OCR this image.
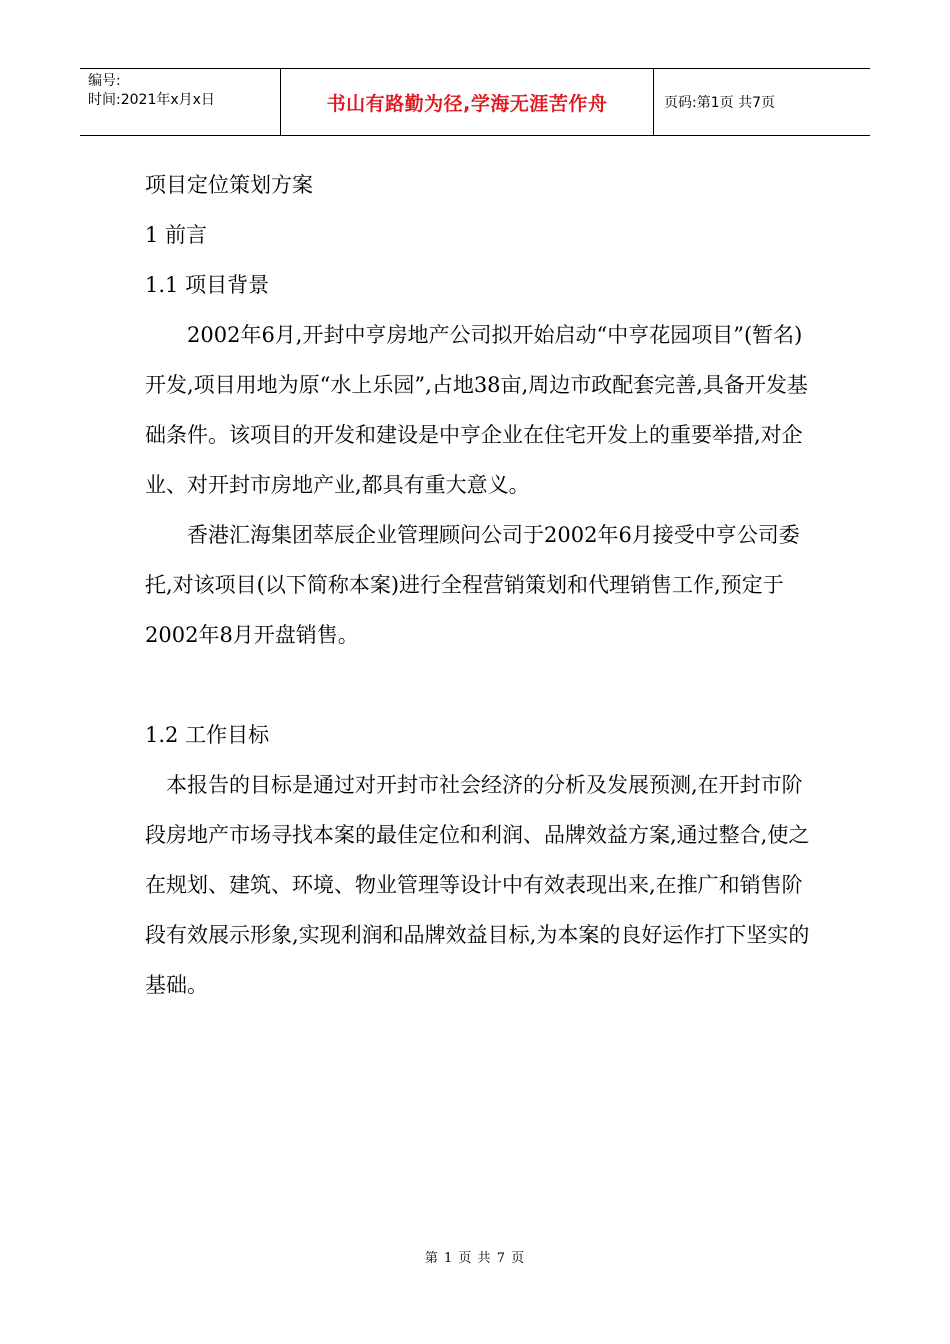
编号:
时间:2021年x月x日	书山有路勤为径,学海无涯苦作舟	页码:第1页 共7页

项目定位策划方案

1 前言

1.1 项目背景

2002年6月,开封中亨房地产公司拟开始启动“中亨花园项目”(暂名)开发,项目用地为原“水上乐园”,占地38亩,周边市政配套完善,具备开发基础条件。该项目的开发和建设是中亨企业在住宅开发上的重要举措,对企业、对开封市房地产业,都具有重大意义。

香港汇海集团萃辰企业管理顾问公司于2002年6月接受中亨公司委托,对该项目(以下简称本案)进行全程营销策划和代理销售工作,预定于2002年8月开盘销售。

1.2 工作目标

本报告的目标是通过对开封市社会经济的分析及发展预测,在开封市阶段房地产市场寻找本案的最佳定位和利润、品牌效益方案,通过整合,使之在规划、建筑、环境、物业管理等设计中有效表现出来,在推广和销售阶段有效展示形象,实现利润和品牌效益目标,为本案的良好运作打下坚实的基础。

第 1 页 共 7 页
